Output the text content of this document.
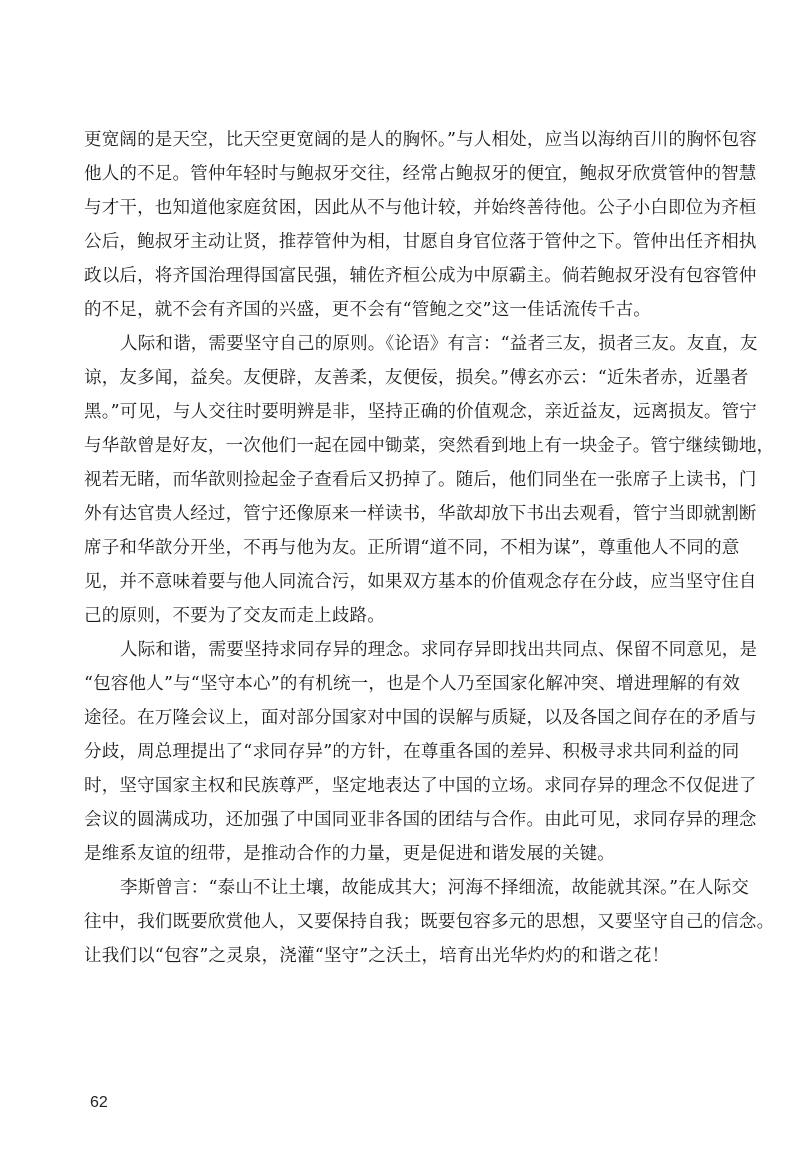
更宽阔的是天空，比天空更宽阔的是人的胸怀。”与人相处，应当以海纳百川的胸怀包容
他人的不足。管仲年轻时与鲍叔牙交往，经常占鲍叔牙的便宜，鲍叔牙欣赏管仲的智慧
与才干，也知道他家庭贫困，因此从不与他计较，并始终善待他。公子小白即位为齐桓
公后，鲍叔牙主动让贤，推荐管仲为相，甘愿自身官位落于管仲之下。管仲出任齐相执
政以后，将齐国治理得国富民强，辅佐齐桓公成为中原霸主。倘若鲍叔牙没有包容管仲
的不足，就不会有齐国的兴盛，更不会有“管鲍之交”这一佳话流传千古。
人际和谐，需要坚守自己的原则。《论语》有言：“益者三友，损者三友。友直，友
谅，友多闻，益矣。友便辟，友善柔，友便佞，损矣。”傅玄亦云：“近朱者赤，近墨者
黑。”可见，与人交往时要明辨是非，坚持正确的价值观念，亲近益友，远离损友。管宁
与华歆曾是好友，一次他们一起在园中锄菜，突然看到地上有一块金子。管宁继续锄地，
视若无睹，而华歆则捡起金子查看后又扔掉了。随后，他们同坐在一张席子上读书，门
外有达官贵人经过，管宁还像原来一样读书，华歆却放下书出去观看，管宁当即就割断
席子和华歆分开坐，不再与他为友。正所谓“道不同，不相为谋”，尊重他人不同的意
见，并不意味着要与他人同流合污，如果双方基本的价值观念存在分歧，应当坚守住自
己的原则，不要为了交友而走上歧路。
人际和谐，需要坚持求同存异的理念。求同存异即找出共同点、保留不同意见，是
“包容他人”与“坚守本心”的有机统一，也是个人乃至国家化解冲突、增进理解的有效
途径。在万隆会议上，面对部分国家对中国的误解与质疑，以及各国之间存在的矛盾与
分歧，周总理提出了“求同存异”的方针，在尊重各国的差异、积极寻求共同利益的同
时，坚守国家主权和民族尊严，坚定地表达了中国的立场。求同存异的理念不仅促进了
会议的圆满成功，还加强了中国同亚非各国的团结与合作。由此可见，求同存异的理念
是维系友谊的纽带，是推动合作的力量，更是促进和谐发展的关键。
李斯曾言：“泰山不让土壤，故能成其大；河海不择细流，故能就其深。”在人际交
往中，我们既要欣赏他人，又要保持自我；既要包容多元的思想，又要坚守自己的信念。
让我们以“包容”之灵泉，浇灌“坚守”之沃土，培育出光华灼灼的和谐之花！
62
